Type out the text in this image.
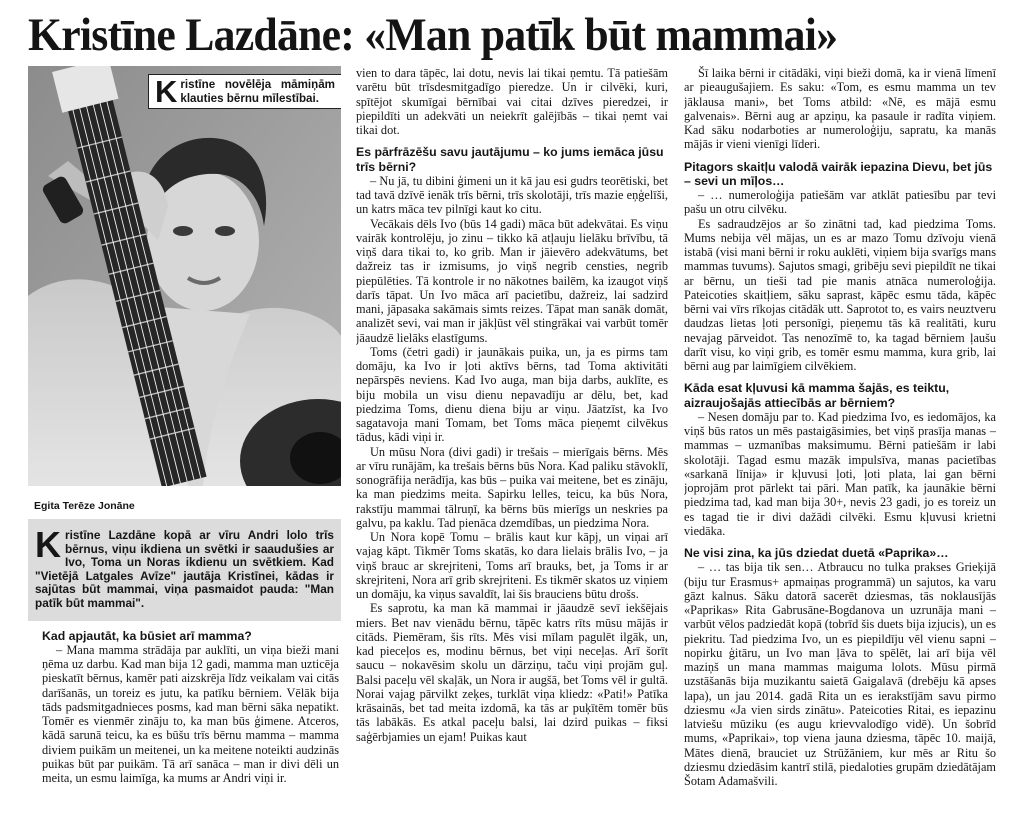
Kristīne Lazdāne: «Man patīk būt mammai»
Kristīne novēlēja māmiņām klauties bērnu mīlestībai.
Egita Terēze Jonāne
Kristīne Lazdāne kopā ar vīru Andri lolo trīs bērnus, viņu ikdiena un svētki ir saaudušies ar Ivo, Toma un Noras ikdienu un svētkiem. Kad "Vietējā Latgales Avīze" jautāja Kristīnei, kādas ir sajūtas būt mammai, viņa pasmaidot pauda: "Man patīk būt mammai".
Kad apjautāt, ka būsiet arī mamma?

– Mana mamma strādāja par auklīti, un viņa bieži mani ņēma uz darbu. Kad man bija 12 gadi, mamma man uzticēja pieskatīt bērnus, kamēr pati aizskrēja līdz veikalam vai citās darīšanās, un toreiz es jutu, ka patīku bērniem. Vēlāk bija tāds padsmitgadnieces posms, kad man bērni sāka nepatikt. Tomēr es vienmēr zināju to, ka man būs ģimene. Atceros, kādā sarunā teicu, ka es būšu trīs bērnu mamma – mamma diviem puikām un meitenei, un ka meitene noteikti audzinās puikas būt par puikām. Tā arī sanāca – man ir divi dēli un meita, un esmu laimīga, ka mums ar Andri viņi ir.

vien to dara tāpēc, lai dotu, nevis lai tikai ņemtu. Tā patiešām varētu būt trīsdesmitgadīgo pieredze. Un ir cilvēki, kuri, spītējot skumīgai bērnībai vai citai dzīves pieredzei, ir piepildīti un adekvāti un neiekrīt galējībās – tikai ņemt vai tikai dot.

Es pārfrāzēšu savu jautājumu – ko jums iemāca jūsu trīs bērni?

– Nu jā, tu dibini ģimeni un it kā jau esi gudrs teorētiski, bet tad tavā dzīvē ienāk trīs bērni, trīs skolotāji, trīs mazie eņģelīši, un katrs māca tev pilnīgi kaut ko citu.

Vecākais dēls Ivo (būs 14 gadi) māca būt adekvātai. Es viņu vairāk kontrolēju, jo zinu – tikko kā atļauju lielāku brīvību, tā viņš dara tikai to, ko grib. Man ir jāievēro adekvātums, bet dažreiz tas ir izmisums, jo viņš negrib censties, negrib piepūlēties. Tā kontrole ir no nākotnes bailēm, ka izaugot viņš darīs tāpat. Un Ivo māca arī pacietību, dažreiz, lai sadzird mani, jāpasaka sakāmais simts reizes. Tāpat man sanāk domāt, analizēt sevi, vai man ir jākļūst vēl stingrākai vai varbūt tomēr jāaudzē lielāks elastīgums.

Toms (četri gadi) ir jaunākais puika, un, ja es pirms tam domāju, ka Ivo ir ļoti aktīvs bērns, tad Toma aktivitāti nepārspēs neviens. Kad Ivo auga, man bija darbs, auklīte, es biju mobila un visu dienu nepavadīju ar dēlu, bet, kad piedzima Toms, dienu diena biju ar viņu. Jāatzīst, ka Ivo sagatavoja mani Tomam, bet Toms māca pieņemt cilvēkus tādus, kādi viņi ir.

Un mūsu Nora (divi gadi) ir trešais – mierīgais bērns. Mēs ar vīru runājām, ka trešais bērns būs Nora. Kad paliku stāvoklī, sonogrāfija nerādīja, kas būs – puika vai meitene, bet es zināju, ka man piedzims meita. Sapirku lelles, teicu, ka būs Nora, rakstīju mammai tālruņī, ka bērns būs mierīgs un neskries pa galvu, pa kaklu. Tad pienāca dzemdības, un piedzima Nora.

Un Nora kopē Tomu – brālis kaut kur kāpj, un viņai arī vajag kāpt. Tikmēr Toms skatās, ko dara lielais brālis Ivo, – ja viņš brauc ar skrejriteni, Toms arī brauks, bet, ja Toms ir ar skrejriteni, Nora arī grib skrejriteni. Es tikmēr skatos uz viņiem un domāju, ka viņus savaldīt, lai šis brauciens būtu drošs.

Es saprotu, ka man kā mammai ir jāaudzē sevī iekšējais miers. Bet nav vienādu bērnu, tāpēc katrs rīts mūsu mājās ir citāds. Piemēram, šis rīts. Mēs visi mīlam pagulēt ilgāk, un, kad pieceļos es, modinu bērnus, bet viņi neceļas. Arī šorīt saucu – nokavēsim skolu un dārziņu, taču viņi projām guļ. Balsi paceļu vēl skaļāk, un Nora ir augšā, bet Toms vēl ir gultā. Norai vajag pārvilkt zeķes, turklāt viņa kliedz: «Pati!» Patīka krāsainās, bet tad meita izdomā, ka tās ar puķītēm tomēr būs tās labākās. Es atkal paceļu balsi, lai dzird puikas – fiksi saģērbjamies un ejam! Puikas kaut

Šī laika bērni ir citādāki, viņi bieži domā, ka ir vienā līmenī ar pieaugušajiem. Es saku: «Tom, es esmu mamma un tev jāklausa mani», bet Toms atbild: «Nē, es mājā esmu galvenais». Bērni aug ar apziņu, ka pasaule ir radīta viņiem. Kad sāku nodarboties ar numeroloģiju, sapratu, ka manās mājās ir vieni vienīgi līderi.

Pitagors skaitļu valodā vairāk iepazina Dievu, bet jūs – sevi un mīļos…

– … numeroloģija patiešām var atklāt patiesību par tevi pašu un otru cilvēku.

Es sadraudzējos ar šo zinātni tad, kad piedzima Toms. Mums nebija vēl mājas, un es ar mazo Tomu dzīvoju vienā istabā (visi mani bērni ir roku auklēti, viņiem bija svarīgs mans mammas tuvums). Sajutos smagi, gribēju sevi piepildīt ne tikai ar bērnu, un tieši tad pie manis atnāca numeroloģija. Pateicoties skaitļiem, sāku saprast, kāpēc esmu tāda, kāpēc bērni vai vīrs rīkojas citādāk utt. Saprotot to, es vairs neuztveru daudzas lietas ļoti personīgi, pieņemu tās kā realitāti, kuru nevajag pārveidot. Tas nenozīmē to, ka tagad bērniem ļaušu darīt visu, ko viņi grib, es tomēr esmu mamma, kura grib, lai bērni aug par laimīgiem cilvēkiem.

Kāda esat kļuvusi kā mamma šajās, es teiktu, aizraujošajās attiecībās ar bērniem?

– Nesen domāju par to. Kad piedzima Ivo, es iedomājos, ka viņš būs ratos un mēs pastaigāsimies, bet viņš prasīja manas – mammas – uzmanības maksimumu. Bērni patiešām ir labi skolotāji. Tagad esmu mazāk impulsīva, manas pacietības «sarkanā līnija» ir kļuvusi ļoti, ļoti plata, lai gan bērni joprojām prot pārlekt tai pāri. Man patīk, ka jaunākie bērni piedzima tad, kad man bija 30+, nevis 23 gadi, jo es toreiz un es tagad tie ir divi dažādi cilvēki. Esmu kļuvusi krietni viedāka.

Ne visi zina, ka jūs dziedat duetā «Paprika»…

– … tas bija tik sen… Atbraucu no tulka prakses Grieķijā (biju tur Erasmus+ apmaiņas programmā) un sajutos, ka varu gāzt kalnus. Sāku datorā sacerēt dziesmas, tās noklausījās «Paprikas» Rita Gabrusāne-Bogdanova un uzrunāja mani – varbūt vēlos padziedāt kopā (tobrīd šis duets bija izjucis), un es piekritu. Tad piedzima Ivo, un es piepildīju vēl vienu sapni – nopirku ģitāru, un Ivo man ļāva to spēlēt, lai arī bija vēl maziņš un mana mammas maiguma lolots. Mūsu pirmā uzstāšanās bija muzikantu saietā Gaigalavā (drebēju kā apses lapa), un jau 2014. gadā Rita un es ierakstījām savu pirmo dziesmu «Ja vien sirds zinātu». Pateicoties Ritai, es iepazinu latviešu mūziku (es augu krievvalodīgo vidē). Un šobrīd mums, «Paprikai», top viena jauna dziesma, tāpēc 10. maijā, Mātes dienā, brauciet uz Strūžāniem, kur mēs ar Ritu šo dziesmu dziedāsim kantrī stilā, piedaloties grupām dziedātājam Šotam Adamašvili.
